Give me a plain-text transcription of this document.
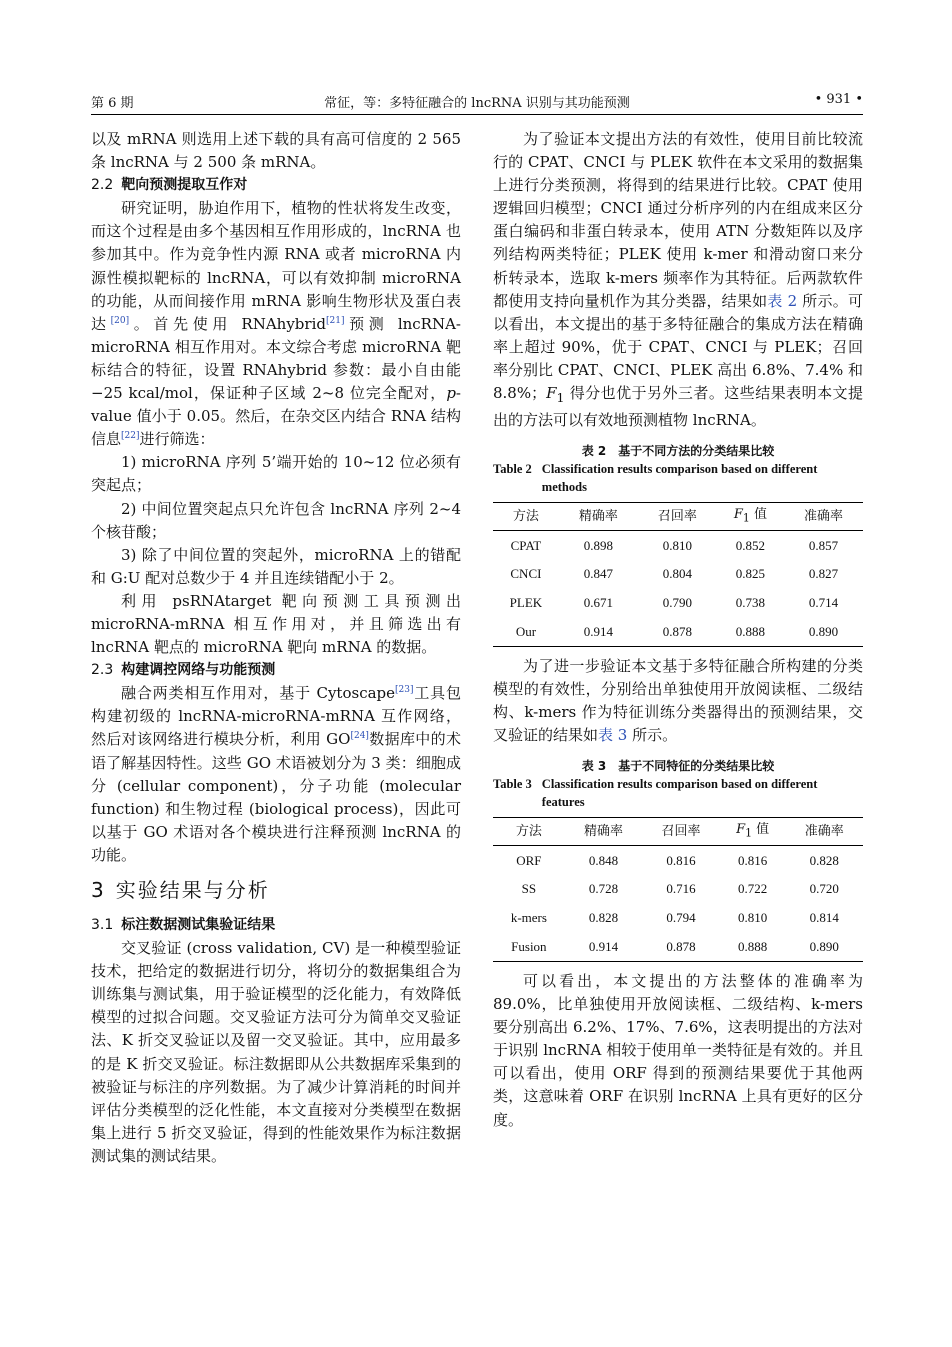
第 6 期	常征，等：多特征融合的 lncRNA 识别与其功能预测	• 931 •

以及 mRNA 则选用上述下载的具有高可信度的 2 565 条 lncRNA 与 2 500 条 mRNA。

2.2 靶向预测提取互作对

研究证明，胁迫作用下，植物的性状将发生改变，而这个过程是由多个基因相互作用形成的，lncRNA 也参加其中。作为竞争性内源 RNA 或者 microRNA 内源性模拟靶标的 lncRNA，可以有效抑制 microRNA 的功能，从而间接作用 mRNA 影响生物形状及蛋白表达[20]。首先使用 RNAhybrid[21]预测 lncRNA-microRNA 相互作用对。本文综合考虑 microRNA 靶标结合的特征，设置 RNAhybrid 参数：最小自由能−25 kcal/mol，保证种子区域 2~8 位完全配对，p-value 值小于 0.05。然后，在杂交区内结合 RNA 结构信息[22]进行筛选：

1) microRNA 序列 5’端开始的 10~12 位必须有突起点；

2) 中间位置突起点只允许包含 lncRNA 序列 2~4 个核苷酸；

3) 除了中间位置的突起外，microRNA 上的错配和 G:U 配对总数少于 4 并且连续错配小于 2。

利用 psRNAtarget 靶向预测工具预测出 microRNA-mRNA 相互作用对，并且筛选出有 lncRNA 靶点的 microRNA 靶向 mRNA 的数据。

2.3 构建调控网络与功能预测

融合两类相互作用对，基于 Cytoscape[23]工具包构建初级的 lncRNA-microRNA-mRNA 互作网络，然后对该网络进行模块分析，利用 GO[24]数据库中的术语了解基因特性。这些 GO 术语被划分为 3 类：细胞成分 (cellular component)，分子功能 (molecular function) 和生物过程 (biological process)，因此可以基于 GO 术语对各个模块进行注释预测 lncRNA 的功能。

3 实验结果与分析
3.1 标注数据测试集验证结果

交叉验证 (cross validation, CV) 是一种模型验证技术，把给定的数据进行切分，将切分的数据集组合为训练集与测试集，用于验证模型的泛化能力，有效降低模型的过拟合问题。交叉验证方法可分为简单交叉验证法、K 折交叉验证以及留一交叉验证。其中，应用最多的是 K 折交叉验证。标注数据即从公共数据库采集到的被验证与标注的序列数据。为了减少计算消耗的时间并评估分类模型的泛化性能，本文直接对分类模型在数据集上进行 5 折交叉验证，得到的性能效果作为标注数据测试集的测试结果。

为了验证本文提出方法的有效性，使用目前比较流行的 CPAT、CNCI 与 PLEK 软件在本文采用的数据集上进行分类预测，将得到的结果进行比较。CPAT 使用逻辑回归模型；CNCI 通过分析序列的内在组成来区分蛋白编码和非蛋白转录本，使用 ATN 分数矩阵以及序列结构两类特征；PLEK 使用 k-mer 和滑动窗口来分析转录本，选取 k-mers 频率作为其特征。后两款软件都使用支持向量机作为其分类器，结果如表 2 所示。可以看出，本文提出的基于多特征融合的集成方法在精确率上超过 90%，优于 CPAT、CNCI 与 PLEK；召回率分别比 CPAT、CNCI、PLEK 高出 6.8%、7.4% 和 8.8%；$F_1$ 得分也优于另外三者。这些结果表明本文提出的方法可以有效地预测植物 lncRNA。

表 2　基于不同方法的分类结果比较
Table 2 Classification results comparison based on different methods
方法	精确率	召回率	$F_1$ 值	准确率
CPAT	0.898	0.810	0.852	0.857
CNCI	0.847	0.804	0.825	0.827
PLEK	0.671	0.790	0.738	0.714
Our	0.914	0.878	0.888	0.890

为了进一步验证本文基于多特征融合所构建的分类模型的有效性，分别给出单独使用开放阅读框、二级结构、k-mers 作为特征训练分类器得出的预测结果，交叉验证的结果如表 3 所示。

表 3　基于不同特征的分类结果比较
Table 3 Classification results comparison based on different features
方法	精确率	召回率	$F_1$ 值	准确率
ORF	0.848	0.816	0.816	0.828
SS	0.728	0.716	0.722	0.720
k-mers	0.828	0.794	0.810	0.814
Fusion	0.914	0.878	0.888	0.890

可以看出，本文提出的方法整体的准确率为 89.0%，比单独使用开放阅读框、二级结构、k-mers 要分别高出 6.2%、17%、7.6%，这表明提出的方法对于识别 lncRNA 相较于使用单一类特征是有效的。并且可以看出，使用 ORF 得到的预测结果要优于其他两类，这意味着 ORF 在识别 lncRNA 上具有更好的区分度。
